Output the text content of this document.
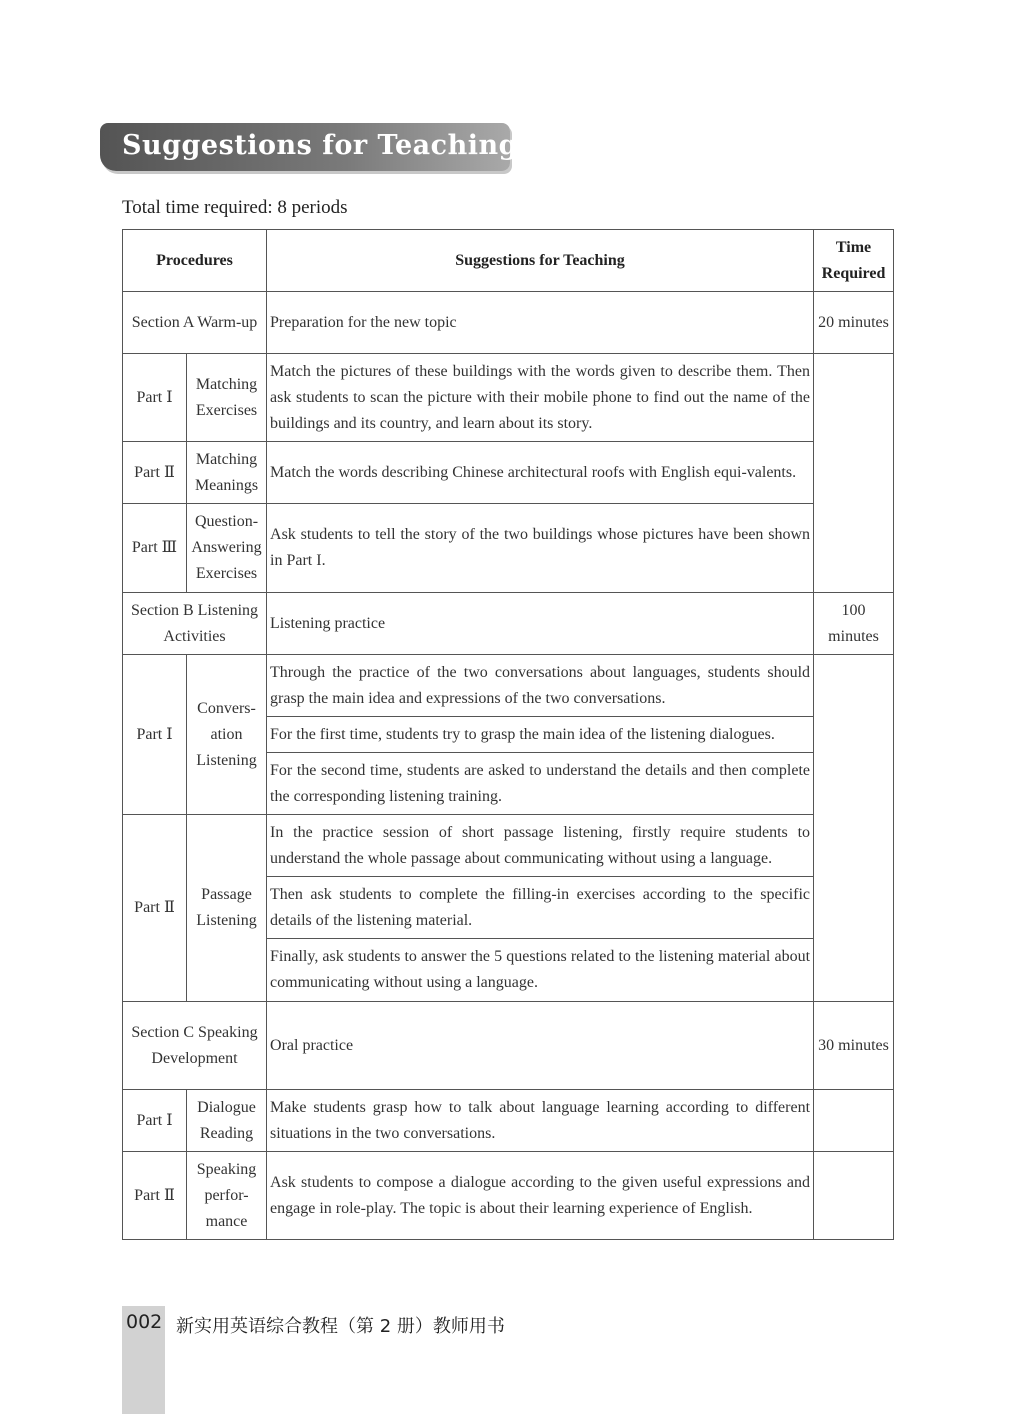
Suggestions for Teaching
Total time required: 8 periods
Procedures		Suggestions for Teaching	Time Required
Section A Warm-up		Preparation for the new topic	20 minutes
Part Ⅰ	Matching Exercises	Match the pictures of these buildings with the words given to describe them. Then ask students to scan the picture with their mobile phone to find out the name of the buildings and its country, and learn about its story.	
Part Ⅱ	Matching Meanings	Match the words describing Chinese architectural roofs with English equi-valents.	
Part Ⅲ	Question-Answering Exercises	Ask students to tell the story of the two buildings whose pictures have been shown in Part I.	
Section B Listening Activities		Listening practice	100 minutes
Part Ⅰ	Convers-ation Listening	Through the practice of the two conversations about languages, students should grasp the main idea and expressions of the two conversations.	
		For the first time, students try to grasp the main idea of the listening dialogues.	
		For the second time, students are asked to understand the details and then complete the corresponding listening training.	
Part Ⅱ	Passage Listening	In the practice session of short passage listening, firstly require students to understand the whole passage about communicating without using a language.	
		Then ask students to complete the filling-in exercises according to the specific details of the listening material.	
		Finally, ask students to answer the 5 questions related to the listening material about communicating without using a language.	
Section C Speaking Development		Oral practice	30 minutes
Part Ⅰ	Dialogue Reading	Make students grasp how to talk about language learning according to different situations in the two conversations.	
Part Ⅱ	Speaking perfor-mance	Ask students to compose a dialogue according to the given useful expressions and engage in role-play. The topic is about their learning experience of English.	
002 新实用英语综合教程（第 2 册）教师用书
